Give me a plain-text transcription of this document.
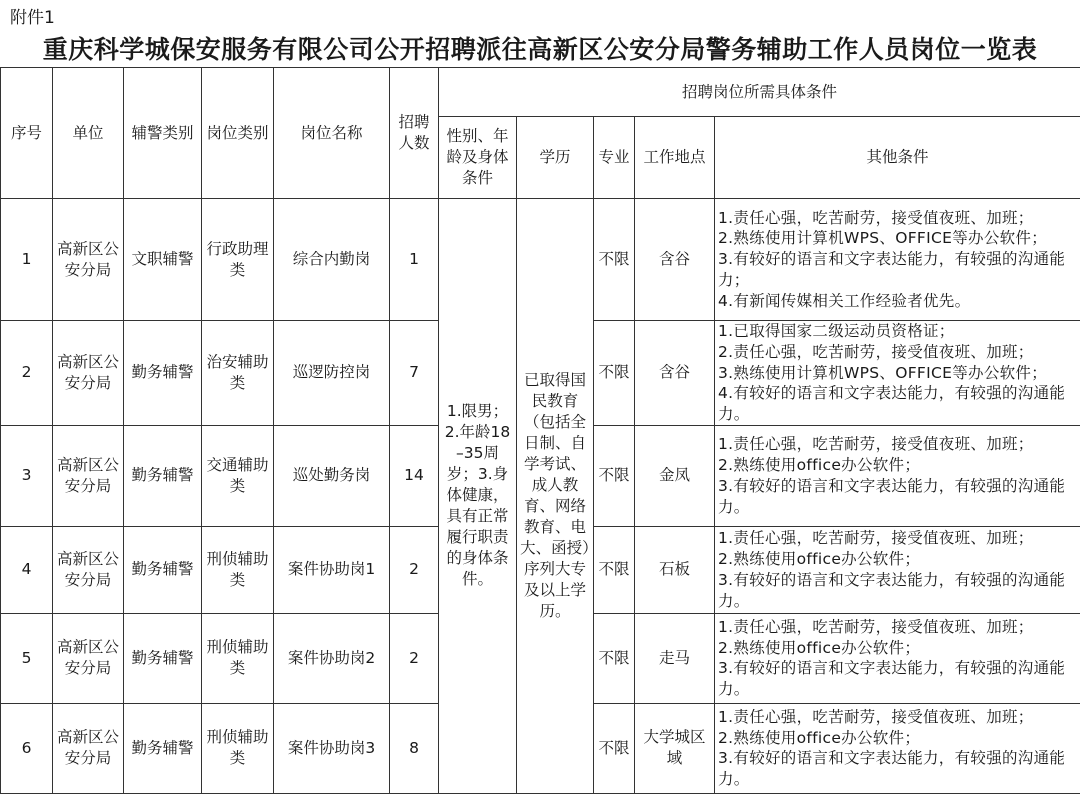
附件1
重庆科学城保安服务有限公司公开招聘派往高新区公安分局警务辅助工作人员岗位一览表
序号	单位	辅警类别	岗位类别	岗位名称	招聘人数	招聘岗位所需具体条件				
						性别、年龄及身体条件	学历	专业	工作地点	其他条件
1	高新区公安分局	文职辅警	行政助理类	综合内勤岗	1	1.限男；2.年龄18–35周岁；3.身体健康，具有正常履行职责的身体条件。	已取得国民教育（包括全日制、自学考试、成人教育、网络教育、电大、函授）序列大专及以上学历。	不限	含谷	1.责任心强，吃苦耐劳，接受值夜班、加班；
2.熟练使用计算机WPS、OFFICE等办公软件；
3.有较好的语言和文字表达能力，有较强的沟通能力；
4.有新闻传媒相关工作经验者优先。

2	高新区公安分局	勤务辅警	治安辅助类	巡逻防控岗	7			不限	含谷	1.已取得国家二级运动员资格证；
2.责任心强，吃苦耐劳，接受值夜班、加班；
3.熟练使用计算机WPS、OFFICE等办公软件；
4.有较好的语言和文字表达能力，有较强的沟通能力。

3	高新区公安分局	勤务辅警	交通辅助类	巡处勤务岗	14			不限	金凤	1.责任心强，吃苦耐劳，接受值夜班、加班；
2.熟练使用office办公软件；
3.有较好的语言和文字表达能力，有较强的沟通能力。

4	高新区公安分局	勤务辅警	刑侦辅助类	案件协助岗1	2			不限	石板	1.责任心强，吃苦耐劳，接受值夜班、加班；
2.熟练使用office办公软件；
3.有较好的语言和文字表达能力，有较强的沟通能力。

5	高新区公安分局	勤务辅警	刑侦辅助类	案件协助岗2	2			不限	走马	1.责任心强，吃苦耐劳，接受值夜班、加班；
2.熟练使用office办公软件；
3.有较好的语言和文字表达能力，有较强的沟通能力。

6	高新区公安分局	勤务辅警	刑侦辅助类	案件协助岗3	8			不限	大学城区域	1.责任心强，吃苦耐劳，接受值夜班、加班；
2.熟练使用office办公软件；
3.有较好的语言和文字表达能力，有较强的沟通能力。
